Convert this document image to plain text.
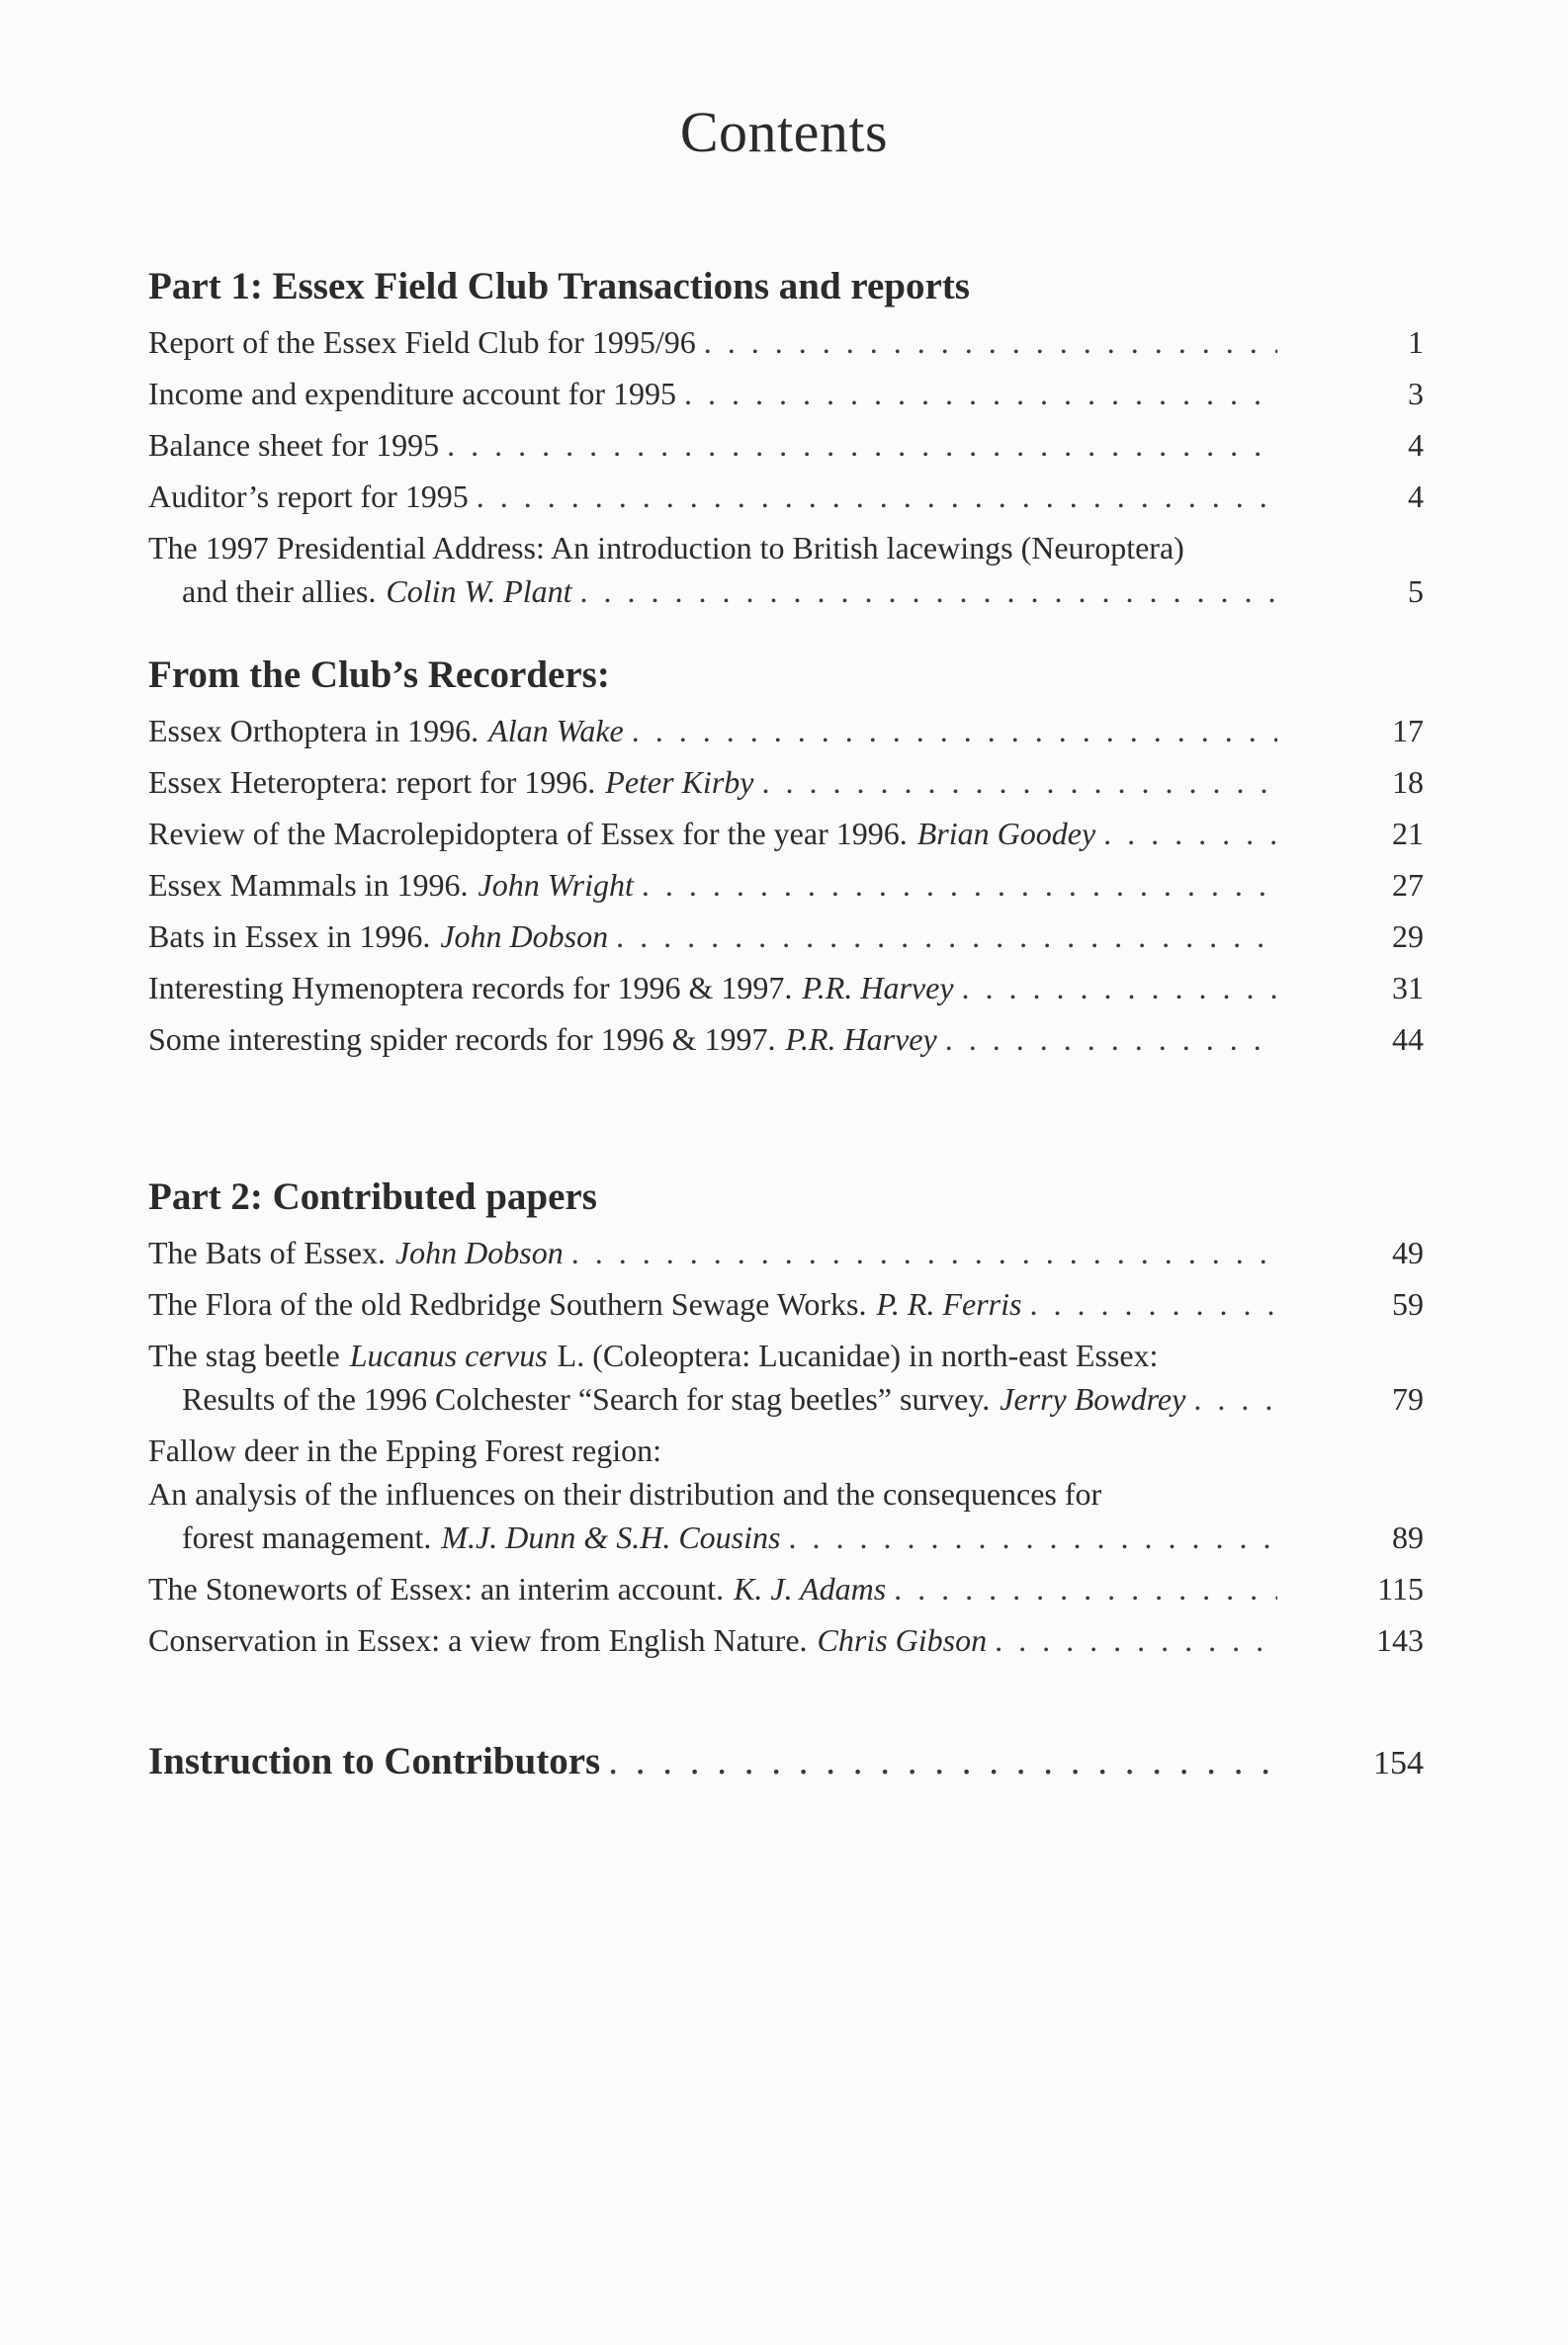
Contents
Part 1: Essex Field Club Transactions and reports
Report of the Essex Field Club for 1995/96 . . .	1
Income and expenditure account for 1995 . . .	3
Balance sheet for 1995 . . .	4
Auditor’s report for 1995 . . .	4
The 1997 Presidential Address: An introduction to British lacewings (Neuroptera)
and their allies. Colin W. Plant . . .	5
From the Club’s Recorders:
Essex Orthoptera in 1996. Alan Wake . . .	17
Essex Heteroptera: report for 1996. Peter Kirby . . .	18
Review of the Macrolepidoptera of Essex for the year 1996. Brian Goodey . . .	21
Essex Mammals in 1996. John Wright . . .	27
Bats in Essex in 1996. John Dobson . . .	29
Interesting Hymenoptera records for 1996 & 1997. P.R. Harvey . . .	31
Some interesting spider records for 1996 & 1997. P.R. Harvey . . .	44
Part 2: Contributed papers
The Bats of Essex. John Dobson . . .	49
The Flora of the old Redbridge Southern Sewage Works. P. R. Ferris . . .	59
The stag beetle Lucanus cervus L. (Coleoptera: Lucanidae) in north-east Essex:
Results of the 1996 Colchester “Search for stag beetles” survey. Jerry Bowdrey . . .	79
Fallow deer in the Epping Forest region:
An analysis of the influences on their distribution and the consequences for
forest management. M.J. Dunn & S.H. Cousins . . .	89
The Stoneworts of Essex: an interim account. K. J. Adams . . .	115
Conservation in Essex: a view from English Nature. Chris Gibson . . .	143
Instruction to Contributors . . .	154
